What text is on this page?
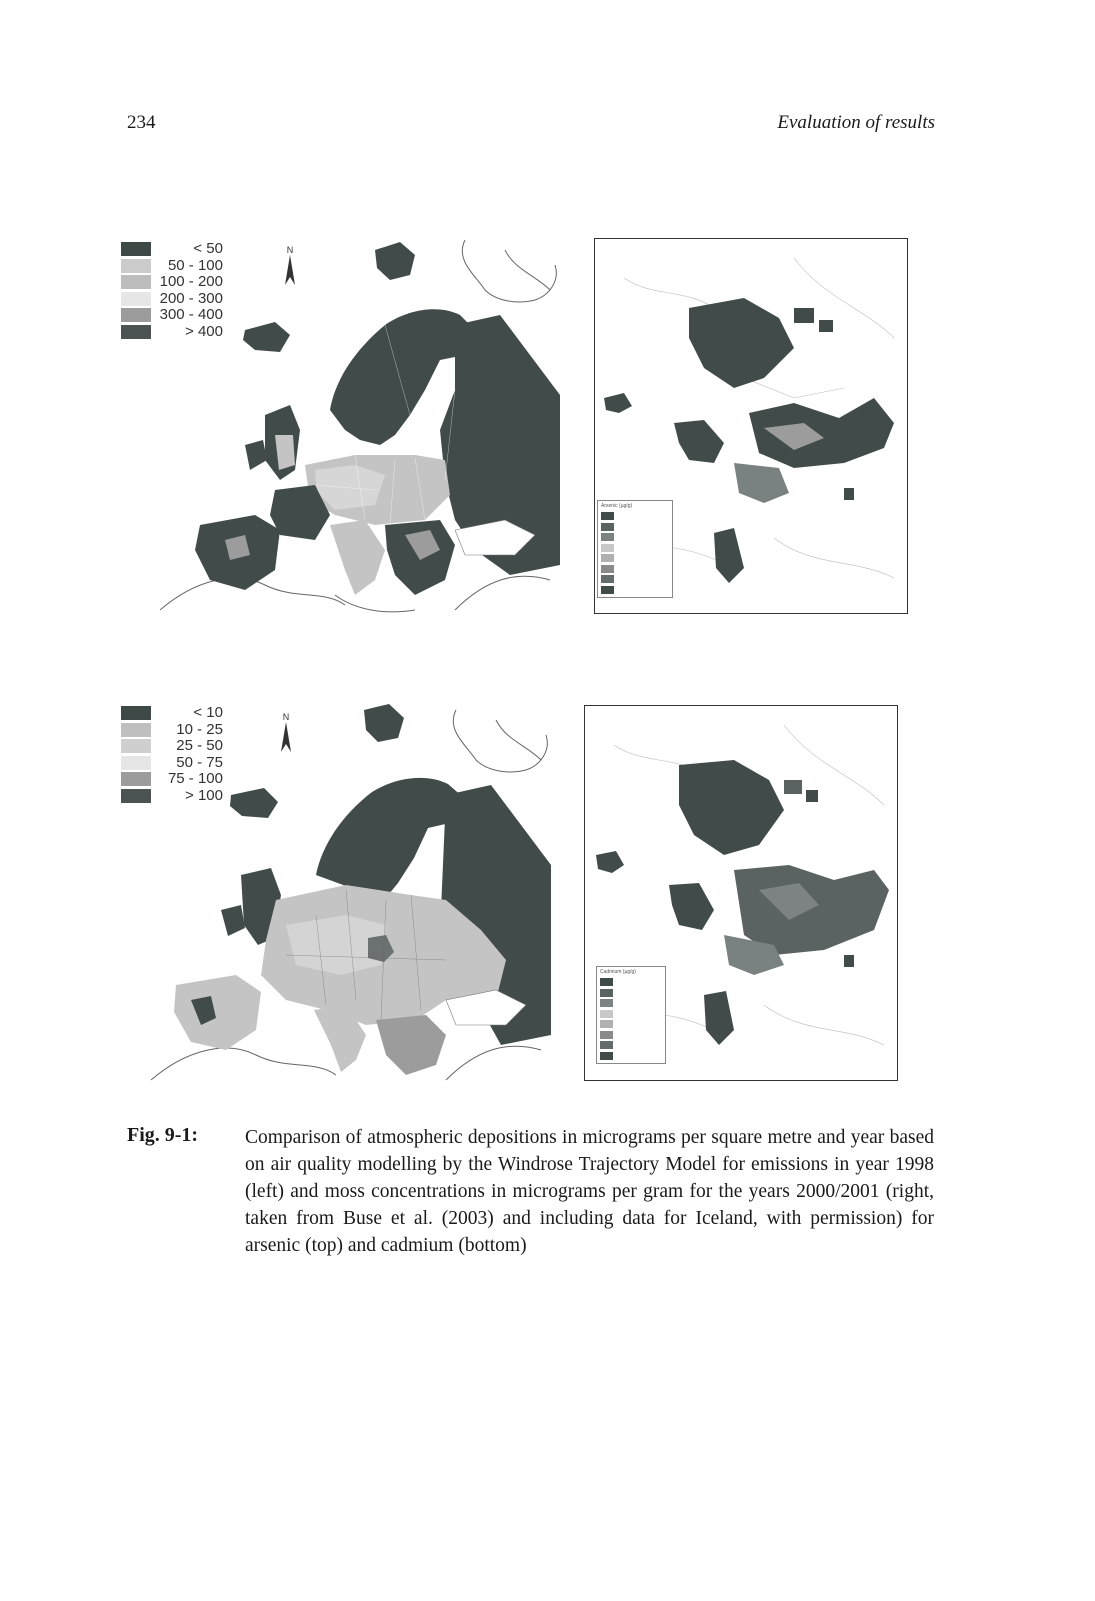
234	Evaluation of results
< 50
50 - 100
100 - 200
200 - 300
300 - 400
> 400
N
Arsenic (µg/g)
< 10
10 - 25
25 - 50
50 - 75
75 - 100
> 100
N
Cadmium (µg/g)
Fig. 9-1: Comparison of atmospheric depositions in micrograms per square metre and year based on air quality modelling by the Windrose Trajectory Model for emissions in year 1998 (left) and moss concentrations in micrograms per gram for the years 2000/2001 (right, taken from Buse et al. (2003) and including data for Iceland, with permission) for arsenic (top) and cadmium (bottom)
